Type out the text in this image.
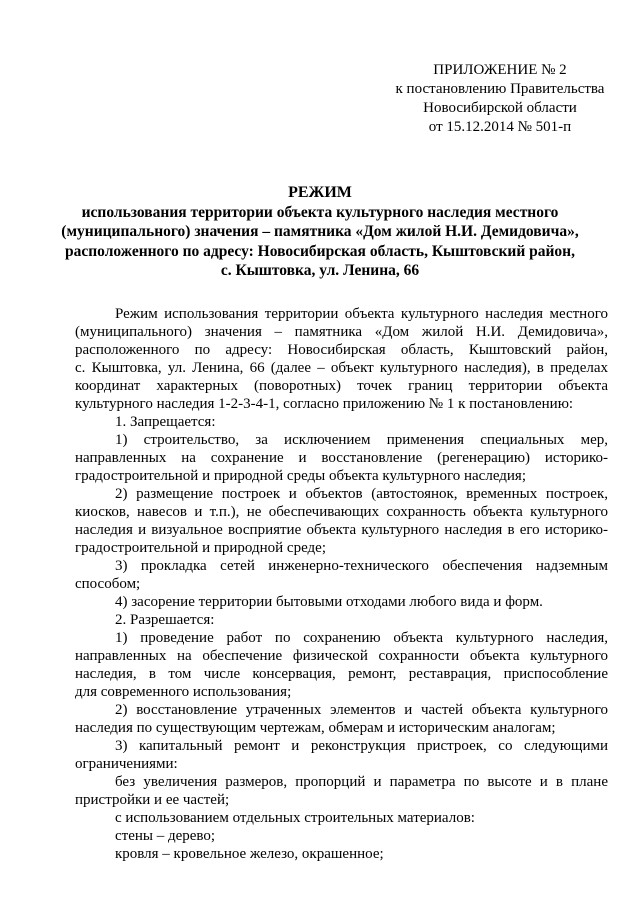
ПРИЛОЖЕНИЕ № 2
к постановлению Правительства
Новосибирской области
от 15.12.2014 № 501-п
РЕЖИМ
использования территории объекта культурного наследия местного
(муниципального) значения – памятника «Дом жилой Н.И. Демидовича»,
расположенного по адресу: Новосибирская область, Кыштовский район,
с. Кыштовка, ул. Ленина, 66
Режим использования территории объекта культурного наследия местного
(муниципального) значения – памятника «Дом жилой Н.И. Демидовича»,
расположенного по адресу: Новосибирская область, Кыштовский район,
с. Кыштовка, ул. Ленина, 66 (далее – объект культурного наследия), в пределах
координат характерных (поворотных) точек границ территории объекта
культурного наследия 1-2-3-4-1, согласно приложению № 1 к постановлению:
1. Запрещается:
1) строительство, за исключением применения специальных мер,
направленных на сохранение и восстановление (регенерацию) историко-
градостроительной и природной среды объекта культурного наследия;
2) размещение построек и объектов (автостоянок, временных построек,
киосков, навесов и т.п.), не обеспечивающих сохранность объекта культурного
наследия и визуальное восприятие объекта культурного наследия в его историко-
градостроительной и природной среде;
3) прокладка сетей инженерно-технического обеспечения надземным
способом;
4) засорение территории бытовыми отходами любого вида и форм.
2. Разрешается:
1) проведение работ по сохранению объекта культурного наследия,
направленных на обеспечение физической сохранности объекта культурного
наследия, в том числе консервация, ремонт, реставрация, приспособление
для современного использования;
2) восстановление утраченных элементов и частей объекта культурного
наследия по существующим чертежам, обмерам и историческим аналогам;
3) капитальный ремонт и реконструкция пристроек, со следующими
ограничениями:
без увеличения размеров, пропорций и параметра по высоте и в плане
пристройки и ее частей;
с использованием отдельных строительных материалов:
стены – дерево;
кровля – кровельное железо, окрашенное;
